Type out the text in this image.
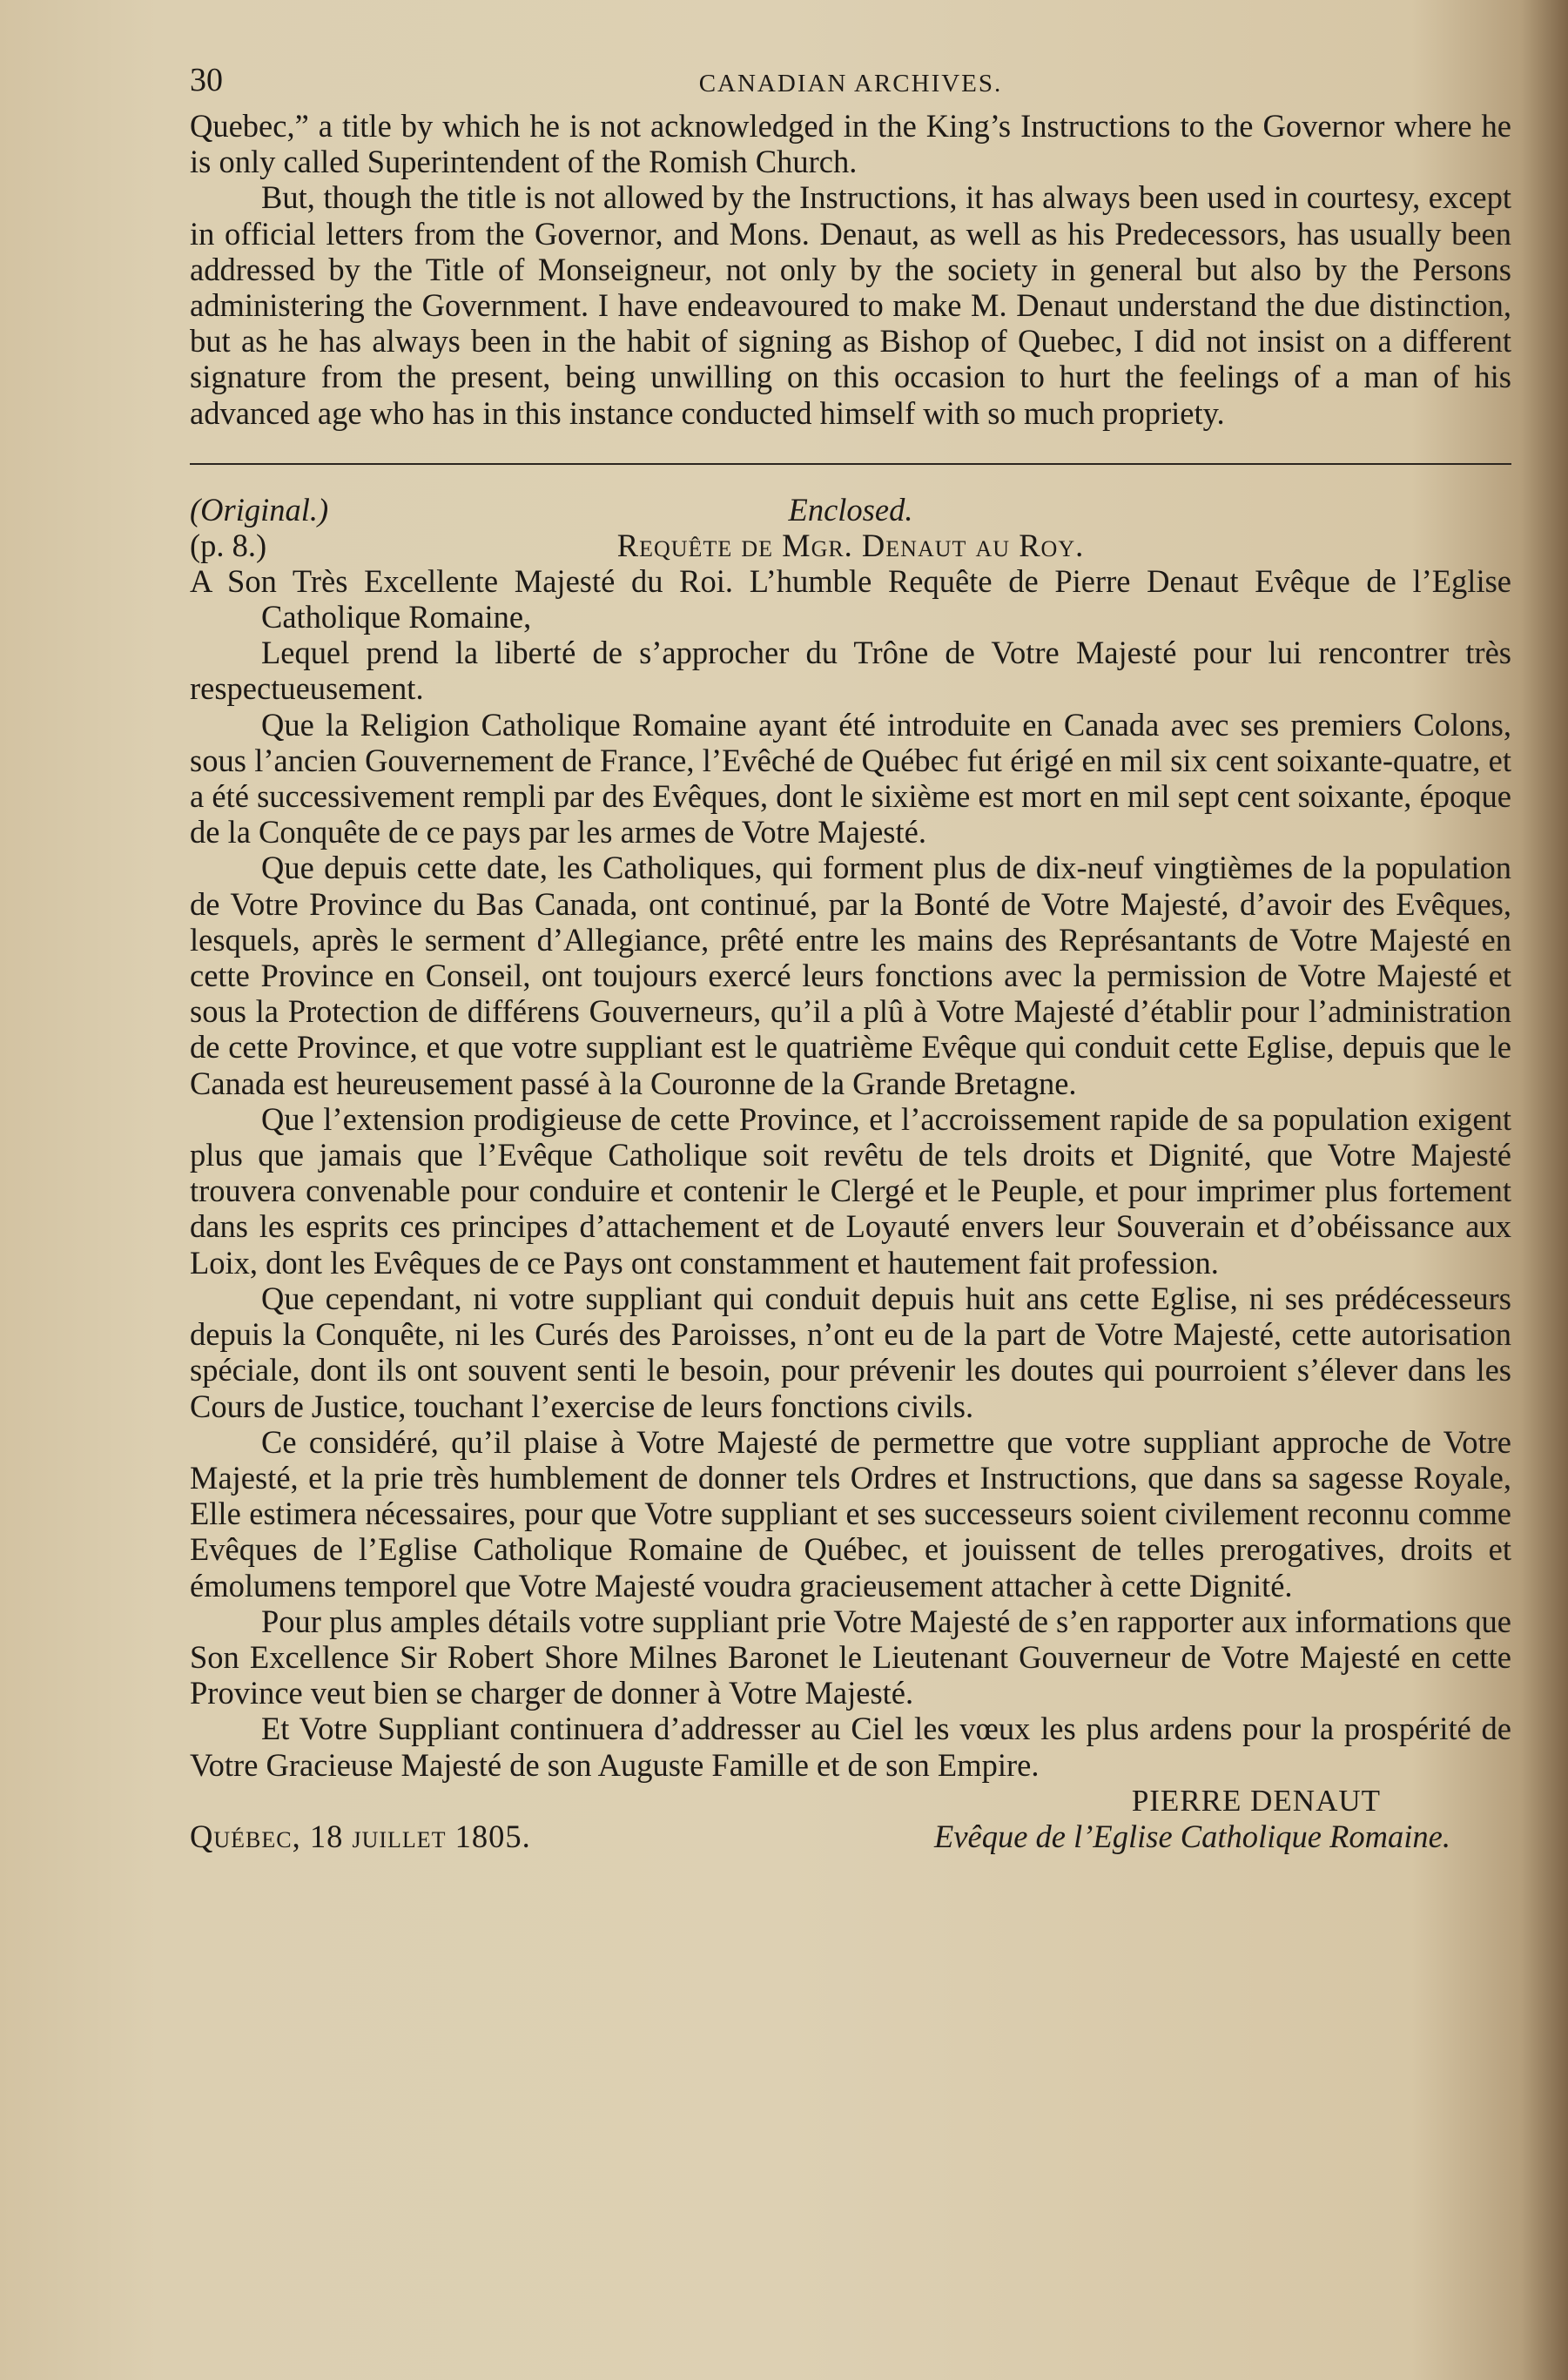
30	CANADIAN ARCHIVES.

Quebec,” a title by which he is not acknowledged in the King’s Instructions to the Governor where he is only called Superintendent of the Romish Church.

But, though the title is not allowed by the Instructions, it has always been used in courtesy, except in official letters from the Governor, and Mons. Denaut, as well as his Predecessors, has usually been addressed by the Title of Monseigneur, not only by the society in general but also by the Persons administering the Government. I have endeavoured to make M. Denaut understand the due distinction, but as he has always been in the habit of signing as Bishop of Quebec, I did not insist on a different signature from the present, being unwilling on this occasion to hurt the feelings of a man of his advanced age who has in this instance conducted himself with so much propriety.

(Original.)	Enclosed.
(p. 8.)	Requête de Mgr. Denaut au Roy.

A Son Très Excellente Majesté du Roi. L’humble Requête de Pierre Denaut Evêque de l’Eglise Catholique Romaine,

Lequel prend la liberté de s’approcher du Trône de Votre Majesté pour lui rencontrer très respectueusement.

Que la Religion Catholique Romaine ayant été introduite en Canada avec ses premiers Colons, sous l’ancien Gouvernement de France, l’Evêché de Québec fut érigé en mil six cent soixante-quatre, et a été successivement rempli par des Evêques, dont le sixième est mort en mil sept cent soixante, époque de la Conquête de ce pays par les armes de Votre Majesté.

Que depuis cette date, les Catholiques, qui forment plus de dix-neuf vingtièmes de la population de Votre Province du Bas Canada, ont continué, par la Bonté de Votre Majesté, d’avoir des Evêques, lesquels, après le serment d’Allegiance, prêté entre les mains des Représantants de Votre Majesté en cette Province en Conseil, ont toujours exercé leurs fonctions avec la permission de Votre Majesté et sous la Protection de différens Gouverneurs, qu’il a plû à Votre Majesté d’établir pour l’administration de cette Province, et que votre suppliant est le quatrième Evêque qui conduit cette Eglise, depuis que le Canada est heureusement passé à la Couronne de la Grande Bretagne.

Que l’extension prodigieuse de cette Province, et l’accroissement rapide de sa population exigent plus que jamais que l’Evêque Catholique soit revêtu de tels droits et Dignité, que Votre Majesté trouvera convenable pour conduire et contenir le Clergé et le Peuple, et pour imprimer plus fortement dans les esprits ces principes d’attachement et de Loyauté envers leur Souverain et d’obéissance aux Loix, dont les Evêques de ce Pays ont constamment et hautement fait profession.

Que cependant, ni votre suppliant qui conduit depuis huit ans cette Eglise, ni ses prédécesseurs depuis la Conquête, ni les Curés des Paroisses, n’ont eu de la part de Votre Majesté, cette autorisation spéciale, dont ils ont souvent senti le besoin, pour prévenir les doutes qui pourroient s’élever dans les Cours de Justice, touchant l’exercise de leurs fonctions civils.

Ce considéré, qu’il plaise à Votre Majesté de permettre que votre suppliant approche de Votre Majesté, et la prie très humblement de donner tels Ordres et Instructions, que dans sa sagesse Royale, Elle estimera nécessaires, pour que Votre suppliant et ses successeurs soient civilement reconnu comme Evêques de l’Eglise Catholique Romaine de Québec, et jouissent de telles prerogatives, droits et émolumens temporel que Votre Majesté voudra gracieusement attacher à cette Dignité.

Pour plus amples détails votre suppliant prie Votre Majesté de s’en rapporter aux informations que Son Excellence Sir Robert Shore Milnes Baronet le Lieutenant Gouverneur de Votre Majesté en cette Province veut bien se charger de donner à Votre Majesté.

Et Votre Suppliant continuera d’addresser au Ciel les vœux les plus ardens pour la prospérité de Votre Gracieuse Majesté de son Auguste Famille et de son Empire.

PIERRE DENAUT

Québec, 18 juillet 1805.	Evêque de l’Eglise Catholique Romaine.
